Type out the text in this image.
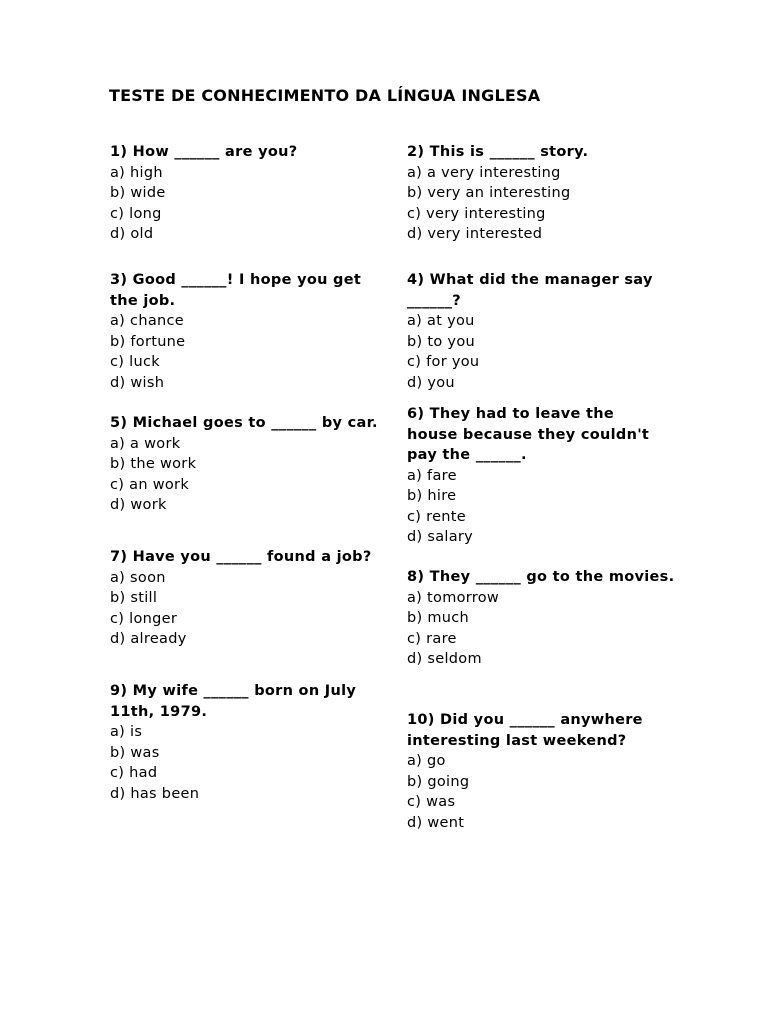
TESTE DE CONHECIMENTO DA LÍNGUA INGLESA
1) How ______ are you?
a) high
b) wide
c) long
d) old
2) This is ______ story.
a) a very interesting
b) very an interesting
c) very interesting
d) very interested
3) Good ______! I hope you get the job.
a) chance
b) fortune
c) luck
d) wish
4) What did the manager say ______?
a) at you
b) to you
c) for you
d) you
5) Michael goes to ______ by car.
a) a work
b) the work
c) an work
d) work
6) They had to leave the house because they couldn't pay the ______.
a) fare
b) hire
c) rente
d) salary
7) Have you ______ found a job?
a) soon
b) still
c) longer
d) already
8) They ______ go to the movies.
a) tomorrow
b) much
c) rare
d) seldom
9) My wife ______ born on July 11th, 1979.
a) is
b) was
c) had
d) has been
10) Did you ______ anywhere interesting last weekend?
a) go
b) going
c) was
d) went
